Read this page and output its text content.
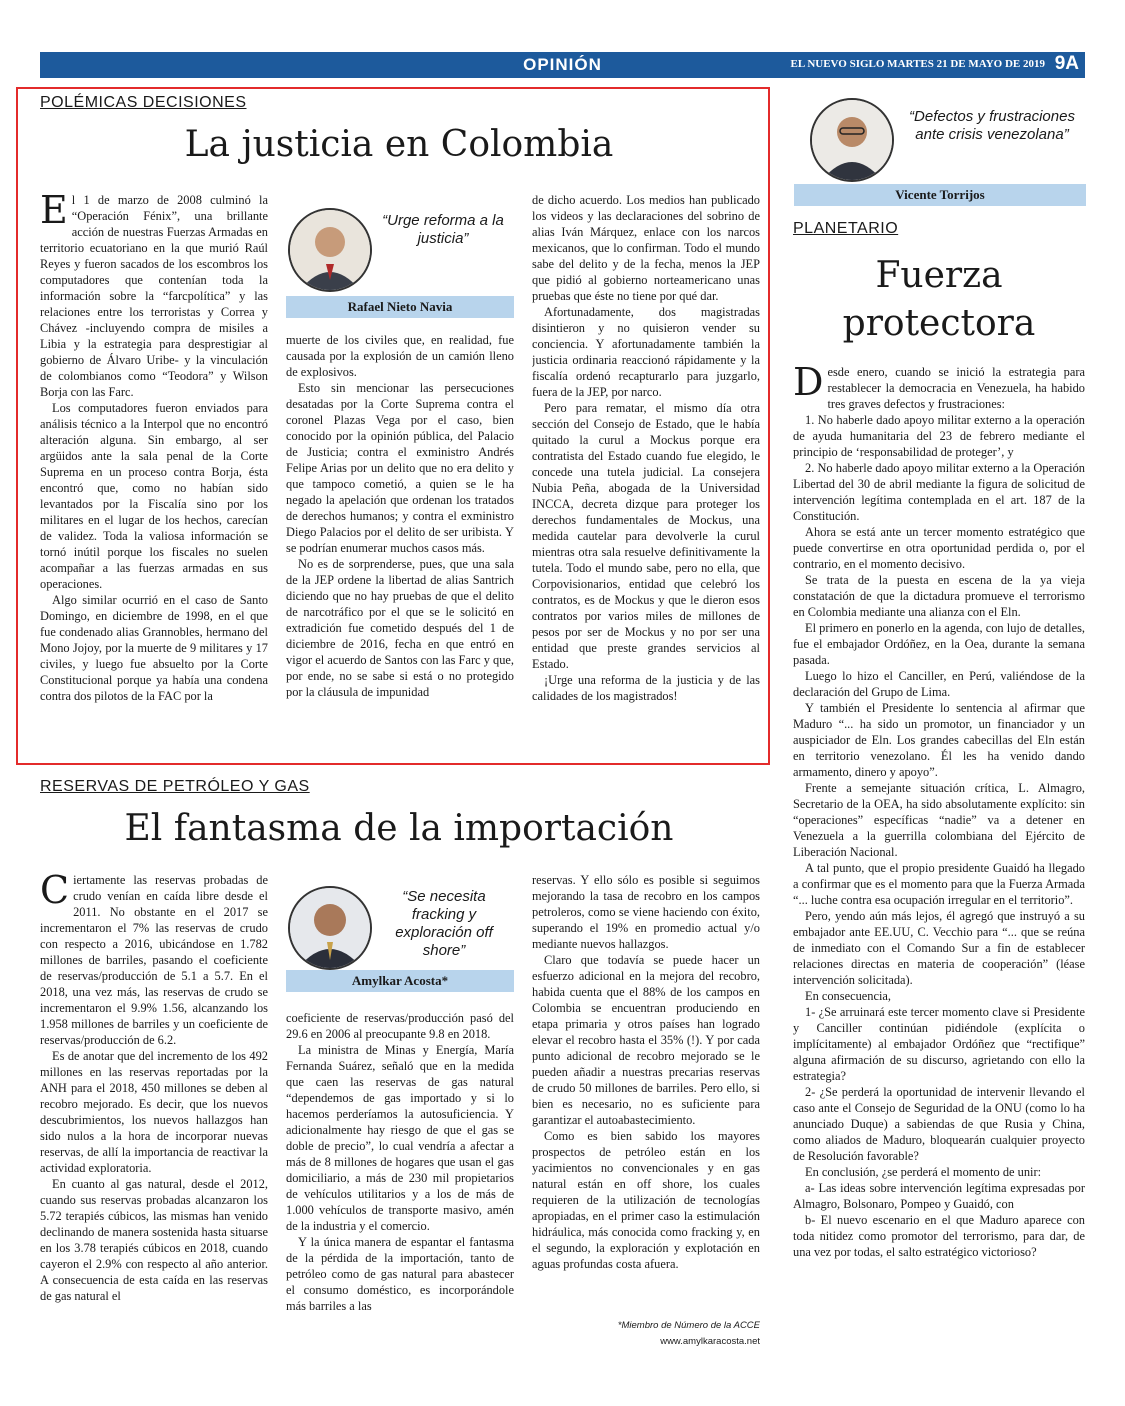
OPINIÓN	EL NUEVO SIGLO MARTES 21 DE MAYO DE 2019 9A
POLÉMICAS DECISIONES
La justicia en Colombia
E l 1 de marzo de 2008 culminó la “Operación Fénix”, una brillante acción de nuestras Fuerzas Armadas en territorio ecuatoriano en la que murió Raúl Reyes y fueron sacados de los escombros los computadores que contenían toda la información sobre la “farcpolítica” y las relaciones entre los terroristas y Correa y Chávez -incluyendo compra de misiles a Libia y la estrategia para desprestigiar al gobierno de Álvaro Uribe- y la vinculación de colombianos como “Teodora” y Wilson Borja con las Farc.

Los computadores fueron enviados para análisis técnico a la Interpol que no encontró alteración alguna. Sin embargo, al ser argüidos ante la sala penal de la Corte Suprema en un proceso contra Borja, ésta encontró que, como no habían sido levantados por la Fiscalía sino por los militares en el lugar de los hechos, carecían de validez. Toda la valiosa información se tornó inútil porque los fiscales no suelen acompañar a las fuerzas armadas en sus operaciones.

Algo similar ocurrió en el caso de Santo Domingo, en diciembre de 1998, en el que fue condenado alias Grannobles, hermano del Mono Jojoy, por la muerte de 9 militares y 17 civiles, y luego fue absuelto por la Corte Constitucional porque ya había una condena contra dos pilotos de la FAC por la

“Urge reforma a la justicia”
Rafael Nieto Navia

muerte de los civiles que, en realidad, fue causada por la explosión de un camión lleno de explosivos.

Esto sin mencionar las persecuciones desatadas por la Corte Suprema contra el coronel Plazas Vega por el caso, bien conocido por la opinión pública, del Palacio de Justicia; contra el exministro Andrés Felipe Arias por un delito que no era delito y que tampoco cometió, a quien se le ha negado la apelación que ordenan los tratados de derechos humanos; y contra el exministro Diego Palacios por el delito de ser uribista. Y se podrían enumerar muchos casos más.

No es de sorprenderse, pues, que una sala de la JEP ordene la libertad de alias Santrich diciendo que no hay pruebas de que el delito de narcotráfico por el que se le solicitó en extradición fue cometido después del 1 de diciembre de 2016, fecha en que entró en vigor el acuerdo de Santos con las Farc y que, por ende, no se sabe si está o no protegido por la cláusula de impunidad

de dicho acuerdo. Los medios han publicado los videos y las declaraciones del sobrino de alias Iván Márquez, enlace con los narcos mexicanos, que lo confirman. Todo el mundo sabe del delito y de la fecha, menos la JEP que pidió al gobierno norteamericano unas pruebas que éste no tiene por qué dar.

Afortunadamente, dos magistradas disintieron y no quisieron vender su conciencia. Y afortunadamente también la justicia ordinaria reaccionó rápidamente y la fiscalía ordenó recapturarlo para juzgarlo, fuera de la JEP, por narco.

Pero para rematar, el mismo día otra sección del Consejo de Estado, que le había quitado la curul a Mockus porque era contratista del Estado cuando fue elegido, le concede una tutela judicial. La consejera Nubia Peña, abogada de la Universidad INCCA, decreta dizque para proteger los derechos fundamentales de Mockus, una medida cautelar para devolverle la curul mientras otra sala resuelve definitivamente la tutela. Todo el mundo sabe, pero no ella, que Corpovisionarios, entidad que celebró los contratos, es de Mockus y que le dieron esos contratos por varios miles de millones de pesos por ser de Mockus y no por ser una entidad que preste grandes servicios al Estado.

¡Urge una reforma de la justicia y de las calidades de los magistrados!

RESERVAS DE PETRÓLEO Y GAS
El fantasma de la importación
C iertamente las reservas probadas de crudo venían en caída libre desde el 2011. No obstante en el 2017 se incrementaron el 7% las reservas de crudo con respecto a 2016, ubicándose en 1.782 millones de barriles, pasando el coeficiente de reservas/producción de 5.1 a 5.7. En el 2018, una vez más, las reservas de crudo se incrementaron el 9.9% 1.56, alcanzando los 1.958 millones de barriles y un coeficiente de reservas/producción de 6.2.

Es de anotar que del incremento de los 492 millones en las reservas reportadas por la ANH para el 2018, 450 millones se deben al recobro mejorado. Es decir, que los nuevos descubrimientos, los nuevos hallazgos han sido nulos a la hora de incorporar nuevas reservas, de allí la importancia de reactivar la actividad exploratoria.

En cuanto al gas natural, desde el 2012, cuando sus reservas probadas alcanzaron los 5.72 terapiés cúbicos, las mismas han venido declinando de manera sostenida hasta situarse en los 3.78 terapiés cúbicos en 2018, cuando cayeron el 2.9% con respecto al año anterior. A consecuencia de esta caída en las reservas de gas natural el

“Se necesita fracking y exploración off shore”
Amylkar Acosta*

coeficiente de reservas/producción pasó del 29.6 en 2006 al preocupante 9.8 en 2018.

La ministra de Minas y Energía, María Fernanda Suárez, señaló que en la medida que caen las reservas de gas natural “dependemos de gas importado y si lo hacemos perderíamos la autosuficiencia. Y adicionalmente hay riesgo de que el gas se doble de precio”, lo cual vendría a afectar a más de 8 millones de hogares que usan el gas domiciliario, a más de 230 mil propietarios de vehículos utilitarios y a los de más de 1.000 vehículos de transporte masivo, amén de la industria y el comercio.

Y la única manera de espantar el fantasma de la pérdida de la importación, tanto de petróleo como de gas natural para abastecer el consumo doméstico, es incorporándole más barriles a las

reservas. Y ello sólo es posible si seguimos mejorando la tasa de recobro en los campos petroleros, como se viene haciendo con éxito, superando el 19% en promedio actual y/o mediante nuevos hallazgos.

Claro que todavía se puede hacer un esfuerzo adicional en la mejora del recobro, habida cuenta que el 88% de los campos en Colombia se encuentran produciendo en etapa primaria y otros países han logrado elevar el recobro hasta el 35% (!). Y por cada punto adicional de recobro mejorado se le pueden añadir a nuestras precarias reservas de crudo 50 millones de barriles. Pero ello, si bien es necesario, no es suficiente para garantizar el autoabastecimiento.

Como es bien sabido los mayores prospectos de petróleo están en los yacimientos no convencionales y en gas natural están en off shore, los cuales requieren de la utilización de tecnologías apropiadas, en el primer caso la estimulación hidráulica, más conocida como fracking y, en el segundo, la exploración y explotación en aguas profundas costa afuera.

*Miembro de Número de la ACCE
www.amylkaracosta.net
“Defectos y frustraciones ante crisis venezolana”
Vicente Torrijos
PLANETARIO
Fuerza
protectora
D esde enero, cuando se inició la estrategia para restablecer la democracia en Venezuela, ha habido tres graves defectos y frustraciones:

1. No haberle dado apoyo militar externo a la operación de ayuda humanitaria del 23 de febrero mediante el principio de ‘responsabilidad de proteger’, y

2. No haberle dado apoyo militar externo a la Operación Libertad del 30 de abril mediante la figura de solicitud de intervención legítima contemplada en el art. 187 de la Constitución.

Ahora se está ante un tercer momento estratégico que puede convertirse en otra oportunidad perdida o, por el contrario, en el momento decisivo.

Se trata de la puesta en escena de la ya vieja constatación de que la dictadura promueve el terrorismo en Colombia mediante una alianza con el Eln.

El primero en ponerlo en la agenda, con lujo de detalles, fue el embajador Ordóñez, en la Oea, durante la semana pasada.

Luego lo hizo el Canciller, en Perú, valiéndose de la declaración del Grupo de Lima.

Y también el Presidente lo sentencia al afirmar que Maduro “... ha sido un promotor, un financiador y un auspiciador de Eln. Los grandes cabecillas del Eln están en territorio venezolano. Él les ha venido dando armamento, dinero y apoyo”.

Frente a semejante situación crítica, L. Almagro, Secretario de la OEA, ha sido absolutamente explícito: sin “operaciones” específicas “nadie” va a detener en Venezuela a la guerrilla colombiana del Ejército de Liberación Nacional.

A tal punto, que el propio presidente Guaidó ha llegado a confirmar que es el momento para que la Fuerza Armada “... luche contra esa ocupación irregular en el territorio”.

Pero, yendo aún más lejos, él agregó que instruyó a su embajador ante EE.UU, C. Vecchio para “... que se reúna de inmediato con el Comando Sur a fin de establecer relaciones directas en materia de cooperación” (léase intervención solicitada).

En consecuencia,

1- ¿Se arruinará este tercer momento clave si Presidente y Canciller continúan pidiéndole (explícita o implícitamente) al embajador Ordóñez que “rectifique” alguna afirmación de su discurso, agrietando con ello la estrategia?

2- ¿Se perderá la oportunidad de intervenir llevando el caso ante el Consejo de Seguridad de la ONU (como lo ha anunciado Duque) a sabiendas de que Rusia y China, como aliados de Maduro, bloquearán cualquier proyecto de Resolución favorable?

En conclusión, ¿se perderá el momento de unir:

a- Las ideas sobre intervención legítima expresadas por Almagro, Bolsonaro, Pompeo y Guaidó, con

b- El nuevo escenario en el que Maduro aparece con toda nitidez como promotor del terrorismo, para dar, de una vez por todas, el salto estratégico victorioso?
